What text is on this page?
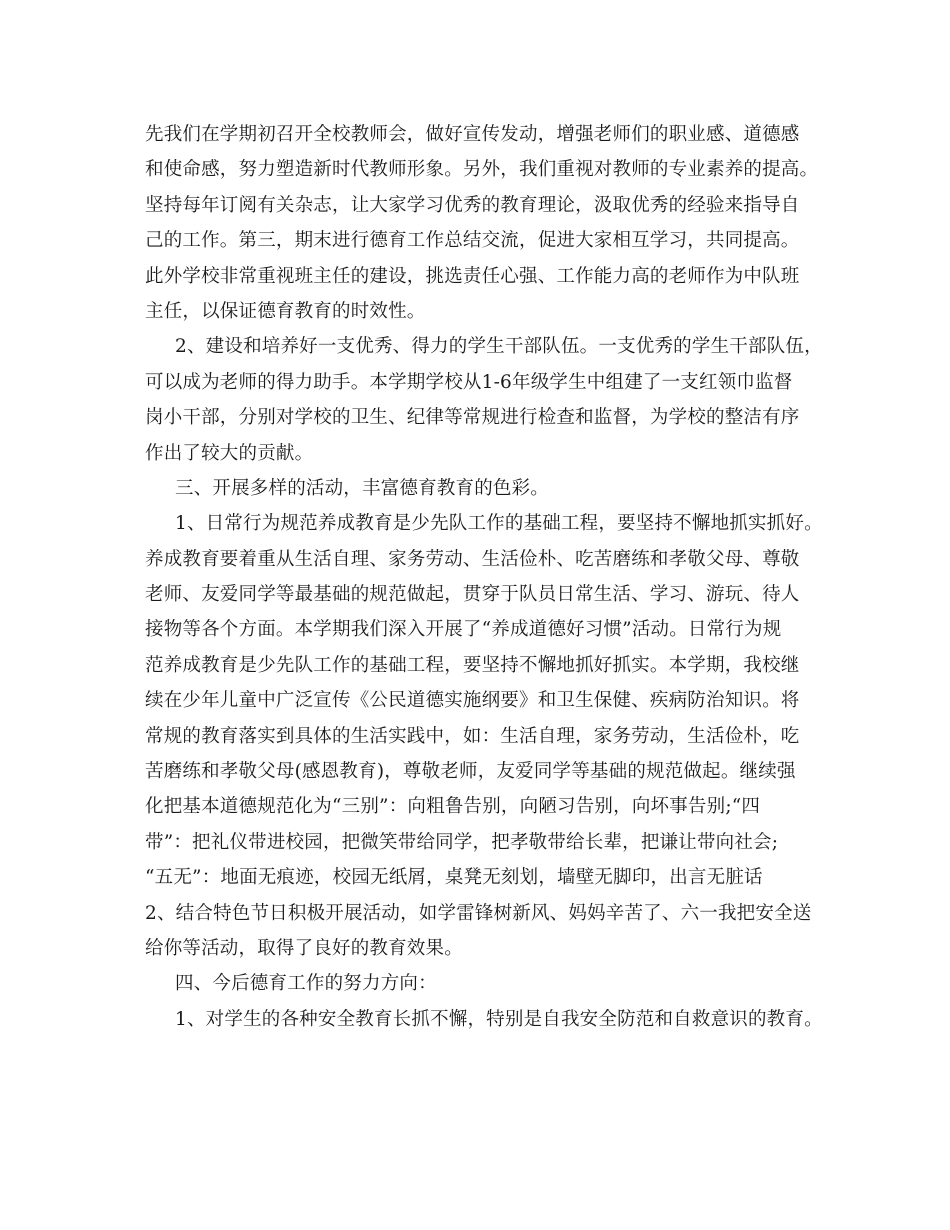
先我们在学期初召开全校教师会，做好宣传发动，增强老师们的职业感、道德感
和使命感，努力塑造新时代教师形象。另外，我们重视对教师的专业素养的提高。
坚持每年订阅有关杂志，让大家学习优秀的教育理论，汲取优秀的经验来指导自
己的工作。第三，期末进行德育工作总结交流，促进大家相互学习，共同提高。
此外学校非常重视班主任的建设，挑选责任心强、工作能力高的老师作为中队班
主任，以保证德育教育的时效性。
2、建设和培养好一支优秀、得力的学生干部队伍。一支优秀的学生干部队伍，
可以成为老师的得力助手。本学期学校从1-6年级学生中组建了一支红领巾监督
岗小干部，分别对学校的卫生、纪律等常规进行检查和监督，为学校的整洁有序
作出了较大的贡献。
三、开展多样的活动，丰富德育教育的色彩。
1、日常行为规范养成教育是少先队工作的基础工程，要坚持不懈地抓实抓好。
养成教育要着重从生活自理、家务劳动、生活俭朴、吃苦磨练和孝敬父母、尊敬
老师、友爱同学等最基础的规范做起，贯穿于队员日常生活、学习、游玩、待人
接物等各个方面。本学期我们深入开展了“养成道德好习惯”活动。日常行为规
范养成教育是少先队工作的基础工程，要坚持不懈地抓好抓实。本学期，我校继
续在少年儿童中广泛宣传《公民道德实施纲要》和卫生保健、疾病防治知识。将
常规的教育落实到具体的生活实践中，如：生活自理，家务劳动，生活俭朴，吃
苦磨练和孝敬父母(感恩教育)，尊敬老师，友爱同学等基础的规范做起。继续强
化把基本道德规范化为“三别”：向粗鲁告别，向陋习告别，向坏事告别;“四
带”：把礼仪带进校园，把微笑带给同学，把孝敬带给长辈，把谦让带向社会;
“五无”：地面无痕迹，校园无纸屑，桌凳无刻划，墙壁无脚印，出言无脏话
2、结合特色节日积极开展活动，如学雷锋树新风、妈妈辛苦了、六一我把安全送
给你等活动，取得了良好的教育效果。
四、今后德育工作的努力方向：
1、对学生的各种安全教育长抓不懈，特别是自我安全防范和自救意识的教育。
